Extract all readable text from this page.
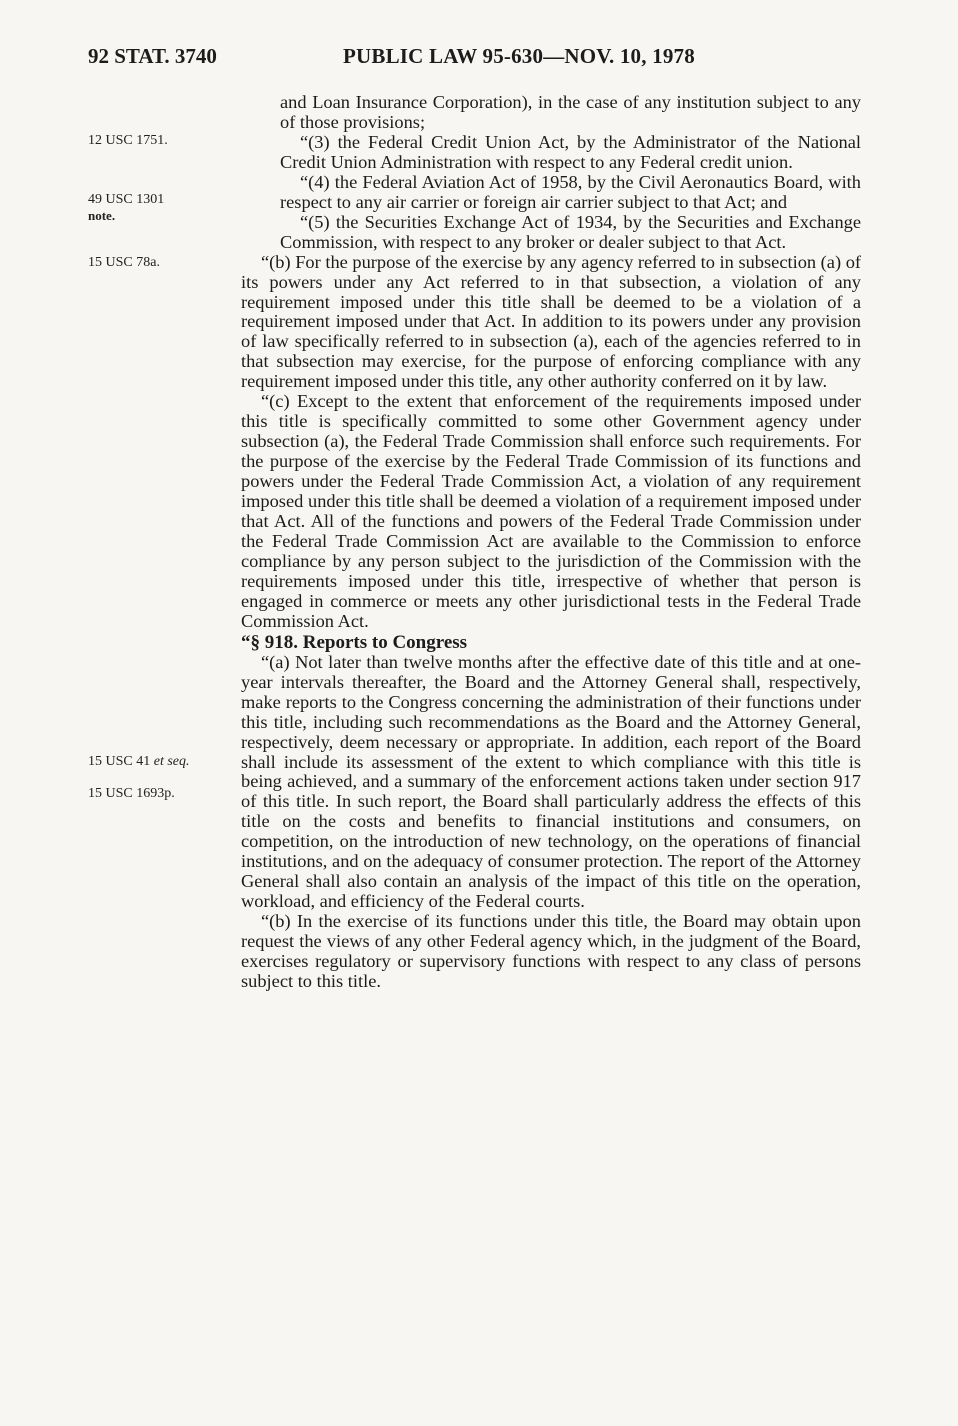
92 STAT. 3740	PUBLIC LAW 95-630—NOV. 10, 1978
12 USC 1751.
49 USC 1301
note.
15 USC 78a.
15 USC 41 et seq.
15 USC 1693p.

and Loan Insurance Corporation), in the case of any institution subject to any of those provisions;

“(3) the Federal Credit Union Act, by the Administrator of the National Credit Union Administration with respect to any Federal credit union.

“(4) the Federal Aviation Act of 1958, by the Civil Aeronautics Board, with respect to any air carrier or foreign air carrier subject to that Act; and

“(5) the Securities Exchange Act of 1934, by the Securities and Exchange Commission, with respect to any broker or dealer subject to that Act.

“(b) For the purpose of the exercise by any agency referred to in subsection (a) of its powers under any Act referred to in that subsection, a violation of any requirement imposed under this title shall be deemed to be a violation of a requirement imposed under that Act. In addition to its powers under any provision of law specifically referred to in subsection (a), each of the agencies referred to in that subsection may exercise, for the purpose of enforcing compliance with any requirement imposed under this title, any other authority conferred on it by law.

“(c) Except to the extent that enforcement of the requirements imposed under this title is specifically committed to some other Government agency under subsection (a), the Federal Trade Commission shall enforce such requirements. For the purpose of the exercise by the Federal Trade Commission of its functions and powers under the Federal Trade Commission Act, a violation of any requirement imposed under this title shall be deemed a violation of a requirement imposed under that Act. All of the functions and powers of the Federal Trade Commission under the Federal Trade Commission Act are available to the Commission to enforce compliance by any person subject to the jurisdiction of the Commission with the requirements imposed under this title, irrespective of whether that person is engaged in commerce or meets any other jurisdictional tests in the Federal Trade Commission Act.

“§ 918. Reports to Congress

“(a) Not later than twelve months after the effective date of this title and at one-year intervals thereafter, the Board and the Attorney General shall, respectively, make reports to the Congress concerning the administration of their functions under this title, including such recommendations as the Board and the Attorney General, respectively, deem necessary or appropriate. In addition, each report of the Board shall include its assessment of the extent to which compliance with this title is being achieved, and a summary of the enforcement actions taken under section 917 of this title. In such report, the Board shall particularly address the effects of this title on the costs and benefits to financial institutions and consumers, on competition, on the introduction of new technology, on the operations of financial institutions, and on the adequacy of consumer protection. The report of the Attorney General shall also contain an analysis of the impact of this title on the operation, workload, and efficiency of the Federal courts.

“(b) In the exercise of its functions under this title, the Board may obtain upon request the views of any other Federal agency which, in the judgment of the Board, exercises regulatory or supervisory functions with respect to any class of persons subject to this title.
